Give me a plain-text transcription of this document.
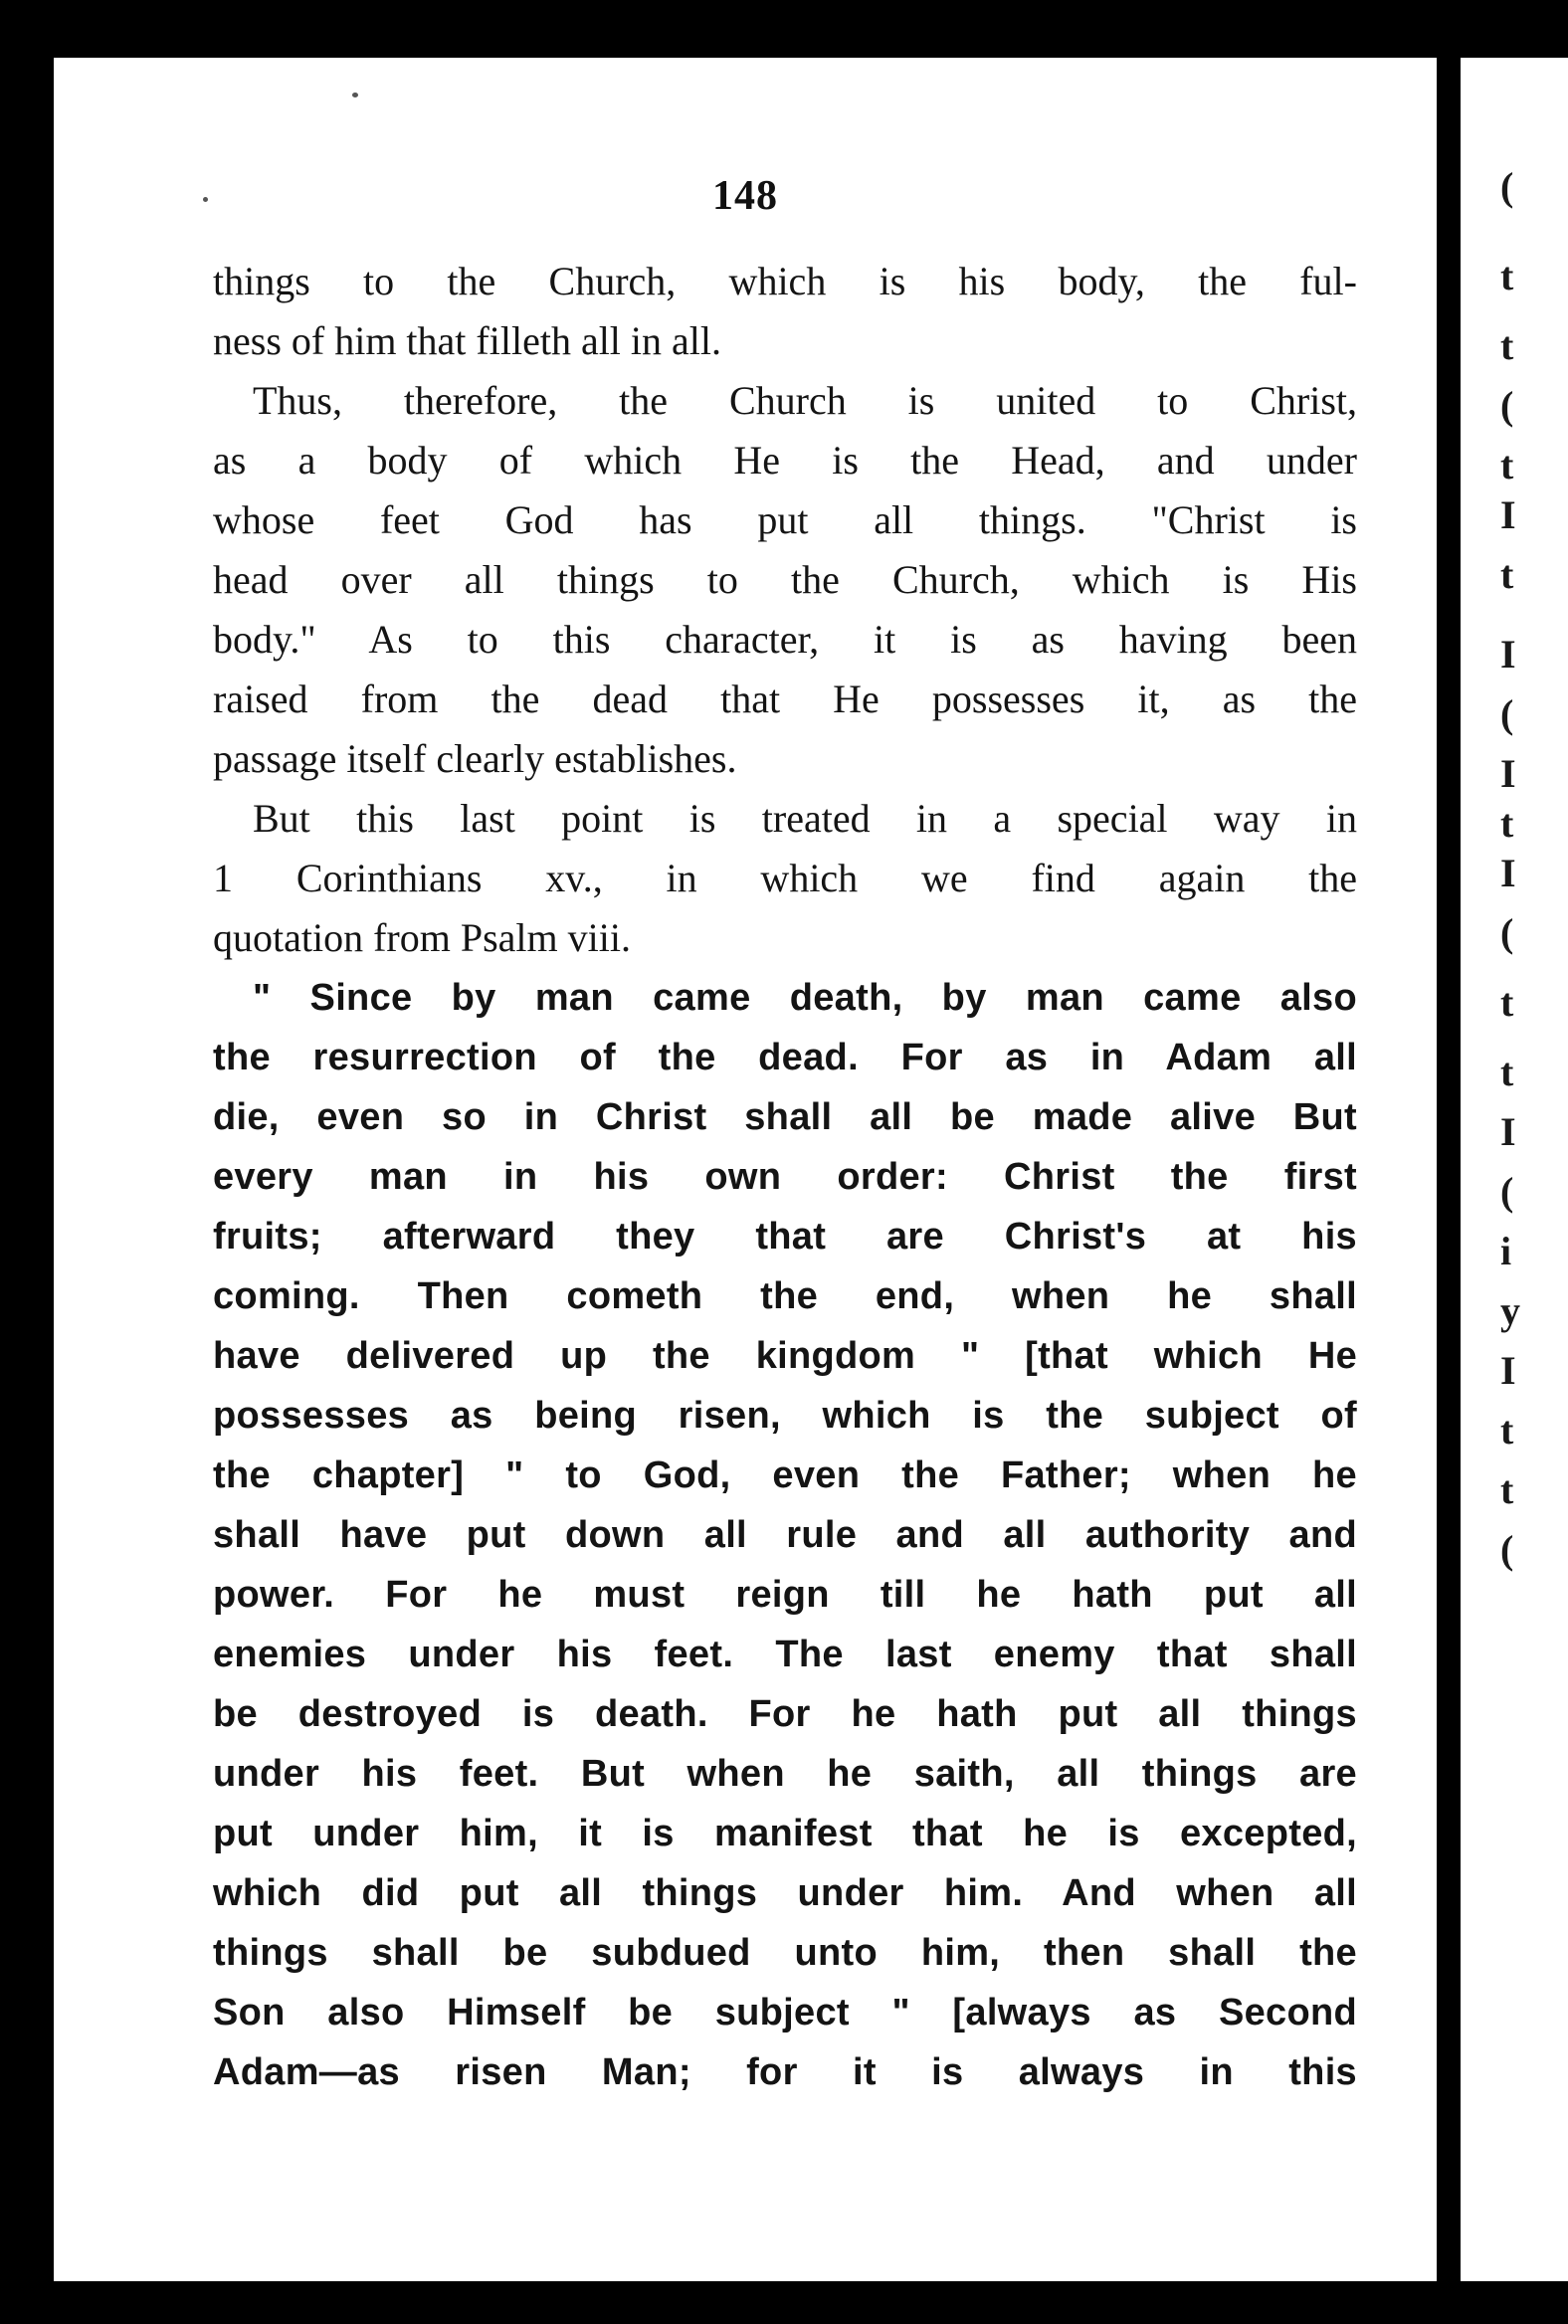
148
things to the Church, which is his body, the ful-
ness of him that filleth all in all.
Thus, therefore, the Church is united to Christ,
as a body of which He is the Head, and under
whose feet God has put all things. "Christ is
head over all things to the Church, which is His
body." As to this character, it is as having been
raised from the dead that He possesses it, as the
passage itself clearly establishes.
But this last point is treated in a special way in
1 Corinthians xv., in which we find again the
quotation from Psalm viii.
" Since by man came death, by man came also
the resurrection of the dead. For as in Adam all
die, even so in Christ shall all be made alive But
every man in his own order: Christ the first
fruits; afterward they that are Christ's at his
coming. Then cometh the end, when he shall
have delivered up the kingdom " [that which He
possesses as being risen, which is the subject of
the chapter] " to God, even the Father; when he
shall have put down all rule and all authority and
power. For he must reign till he hath put all
enemies under his feet. The last enemy that shall
be destroyed is death. For he hath put all things
under his feet. But when he saith, all things are
put under him, it is manifest that he is excepted,
which did put all things under him. And when all
things shall be subdued unto him, then shall the
Son also Himself be subject " [always as Second
Adam—as risen Man; for it is always in this
(
t
t
(
t
I
t
I
(
I
t
I
(
t
t
I
(
i
y
I
t
t
(
